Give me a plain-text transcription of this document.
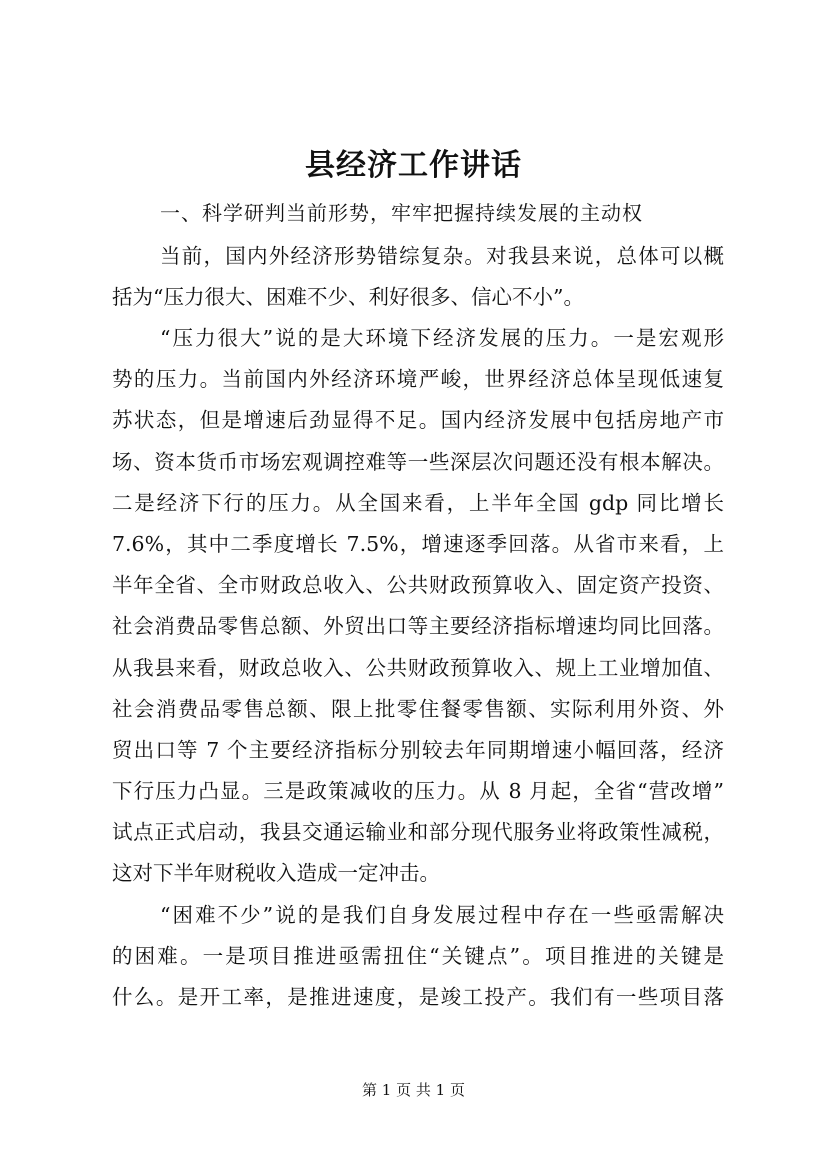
县经济工作讲话
一、科学研判当前形势，牢牢把握持续发展的主动权
当前，国内外经济形势错综复杂。对我县来说，总体可以概
括为“压力很大、困难不少、利好很多、信心不小”。
“压力很大”说的是大环境下经济发展的压力。一是宏观形
势的压力。当前国内外经济环境严峻，世界经济总体呈现低速复
苏状态，但是增速后劲显得不足。国内经济发展中包括房地产市
场、资本货币市场宏观调控难等一些深层次问题还没有根本解决。
二是经济下行的压力。从全国来看，上半年全国 gdp 同比增长
7.6%，其中二季度增长 7.5%，增速逐季回落。从省市来看，上
半年全省、全市财政总收入、公共财政预算收入、固定资产投资、
社会消费品零售总额、外贸出口等主要经济指标增速均同比回落。
从我县来看，财政总收入、公共财政预算收入、规上工业增加值、
社会消费品零售总额、限上批零住餐零售额、实际利用外资、外
贸出口等 7 个主要经济指标分别较去年同期增速小幅回落，经济
下行压力凸显。三是政策减收的压力。从 8 月起，全省“营改增”
试点正式启动，我县交通运输业和部分现代服务业将政策性减税，
这对下半年财税收入造成一定冲击。
“困难不少”说的是我们自身发展过程中存在一些亟需解决
的困难。一是项目推进亟需扭住“关键点”。项目推进的关键是
什么。是开工率，是推进速度，是竣工投产。我们有一些项目落
第 1 页 共 1 页
